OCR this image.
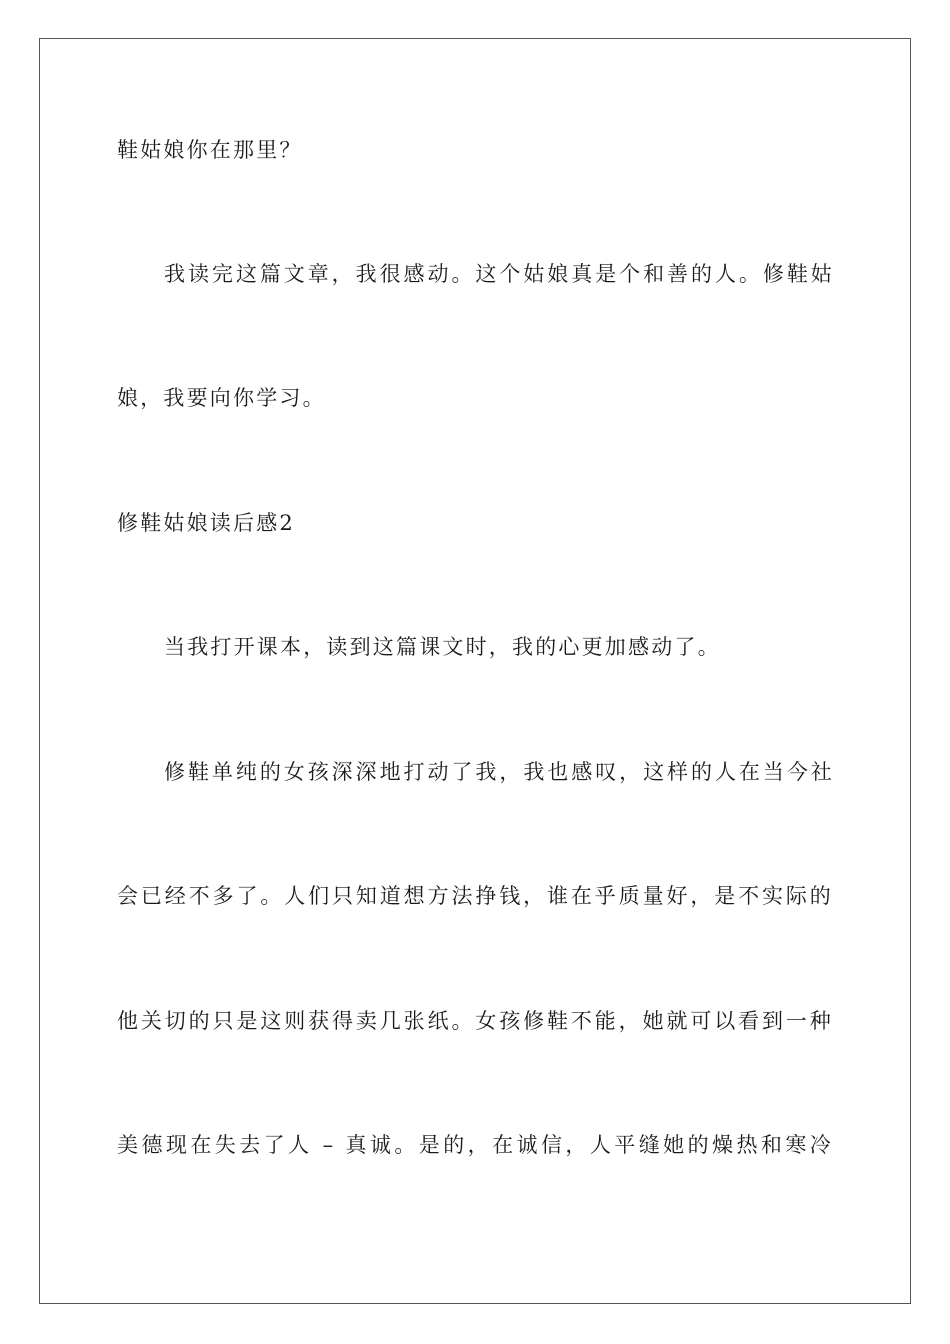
鞋姑娘你在那里？
我读完这篇文章，我很感动。这个姑娘真是个和善的人。修鞋姑
娘，我要向你学习。
修鞋姑娘读后感2
当我打开课本，读到这篇课文时，我的心更加感动了。
修鞋单纯的女孩深深地打动了我，我也感叹，这样的人在当今社
会已经不多了。人们只知道想方法挣钱，谁在乎质量好，是不实际的
他关切的只是这则获得卖几张纸。女孩修鞋不能，她就可以看到一种
美德现在失去了人 – 真诚。是的，在诚信，人平缝她的燥热和寒冷
